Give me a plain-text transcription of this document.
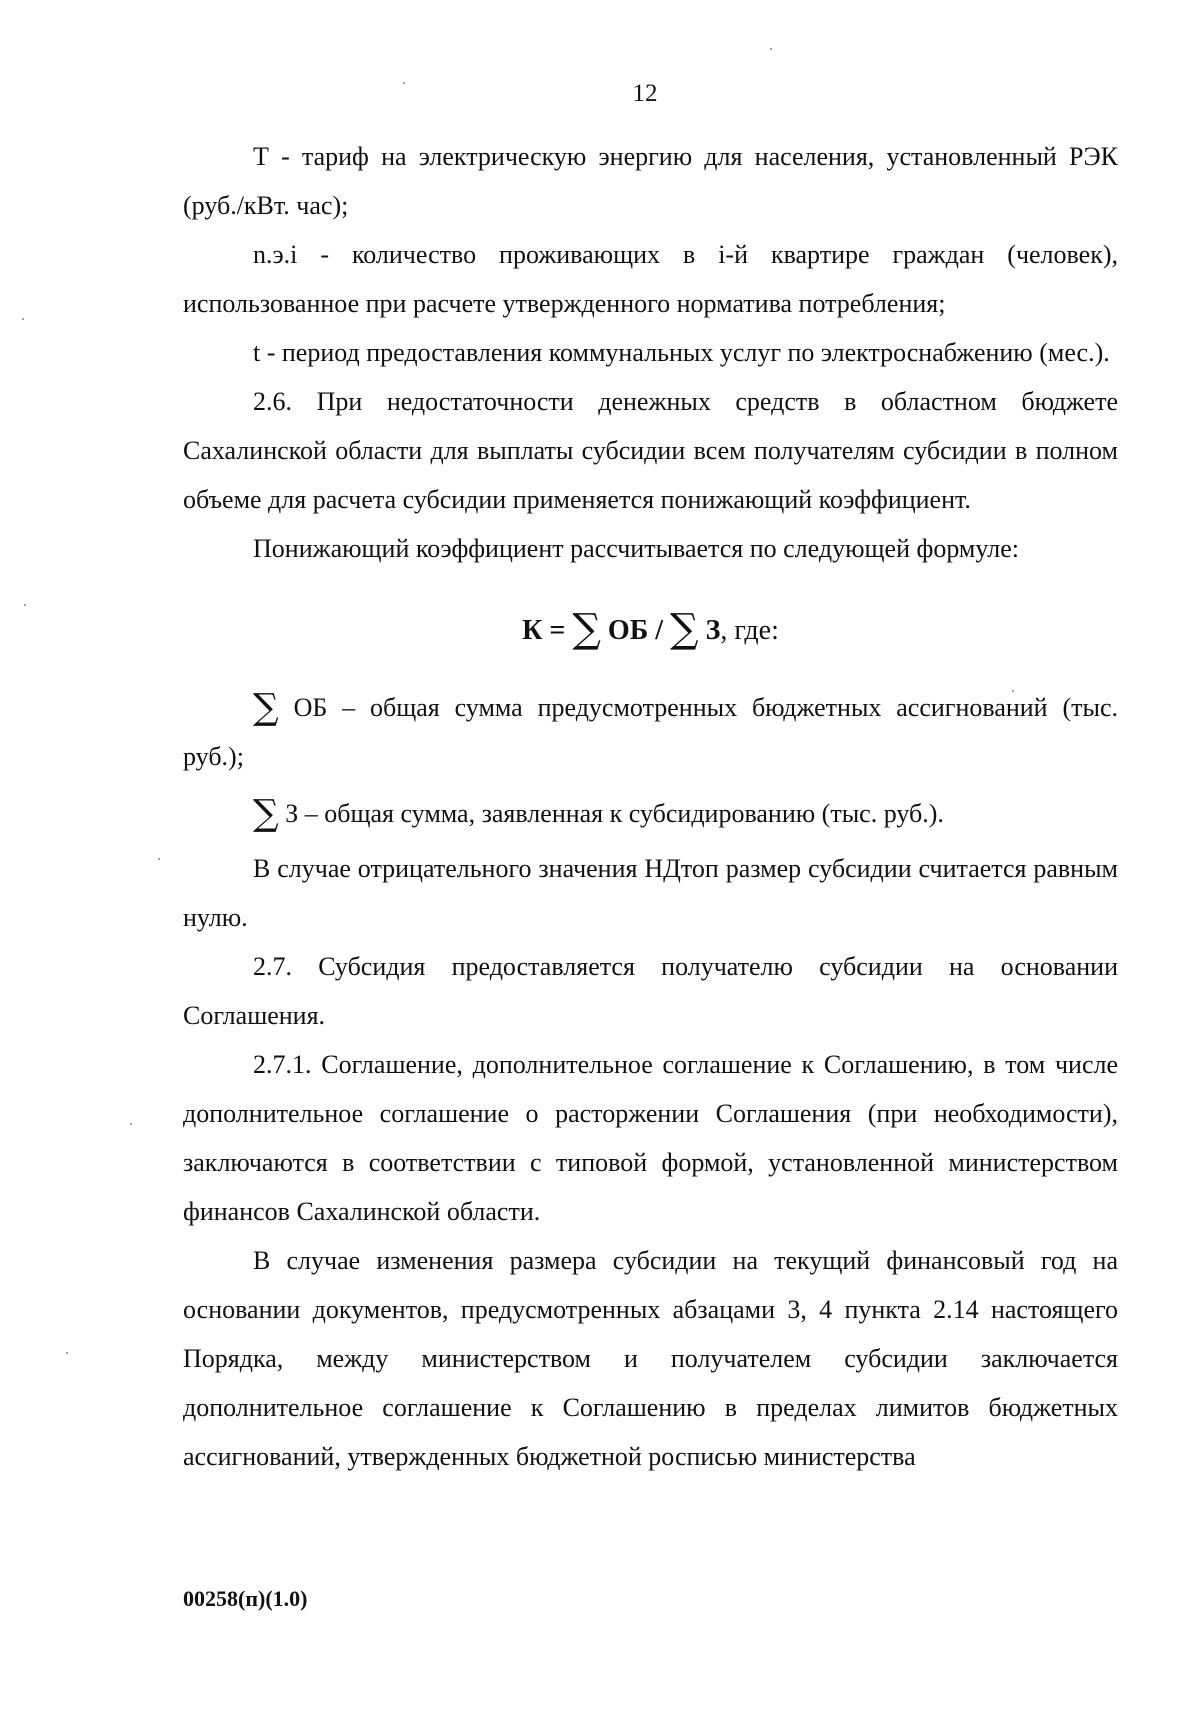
12

Т - тариф на электрическую энергию для населения, установленный РЭК (руб./кВт. час);

n.э.i - количество проживающих в i-й квартире граждан (человек), использованное при расчете утвержденного норматива потребления;

t - период предоставления коммунальных услуг по электроснабжению (мес.).

2.6. При недостаточности денежных средств в областном бюджете Сахалинской области для выплаты субсидии всем получателям субсидии в полном объеме для расчета субсидии применяется понижающий коэффициент.

Понижающий коэффициент рассчитывается по следующей формуле:

К = ∑ ОБ / ∑ З, где:

∑ ОБ – общая сумма предусмотренных бюджетных ассигнований (тыс. руб.);

∑ З – общая сумма, заявленная к субсидированию (тыс. руб.).

В случае отрицательного значения НДтоп размер субсидии считается равным нулю.

2.7. Субсидия предоставляется получателю субсидии на основании Соглашения.

2.7.1. Соглашение, дополнительное соглашение к Соглашению, в том числе дополнительное соглашение о расторжении Соглашения (при необходимости), заключаются в соответствии с типовой формой, установленной министерством финансов Сахалинской области.

В случае изменения размера субсидии на текущий финансовый год на основании документов, предусмотренных абзацами 3, 4 пункта 2.14 настоящего Порядка, между министерством и получателем субсидии заключается дополнительное соглашение к Соглашению в пределах лимитов бюджетных ассигнований, утвержденных бюджетной росписью министерства

00258(п)(1.0)
